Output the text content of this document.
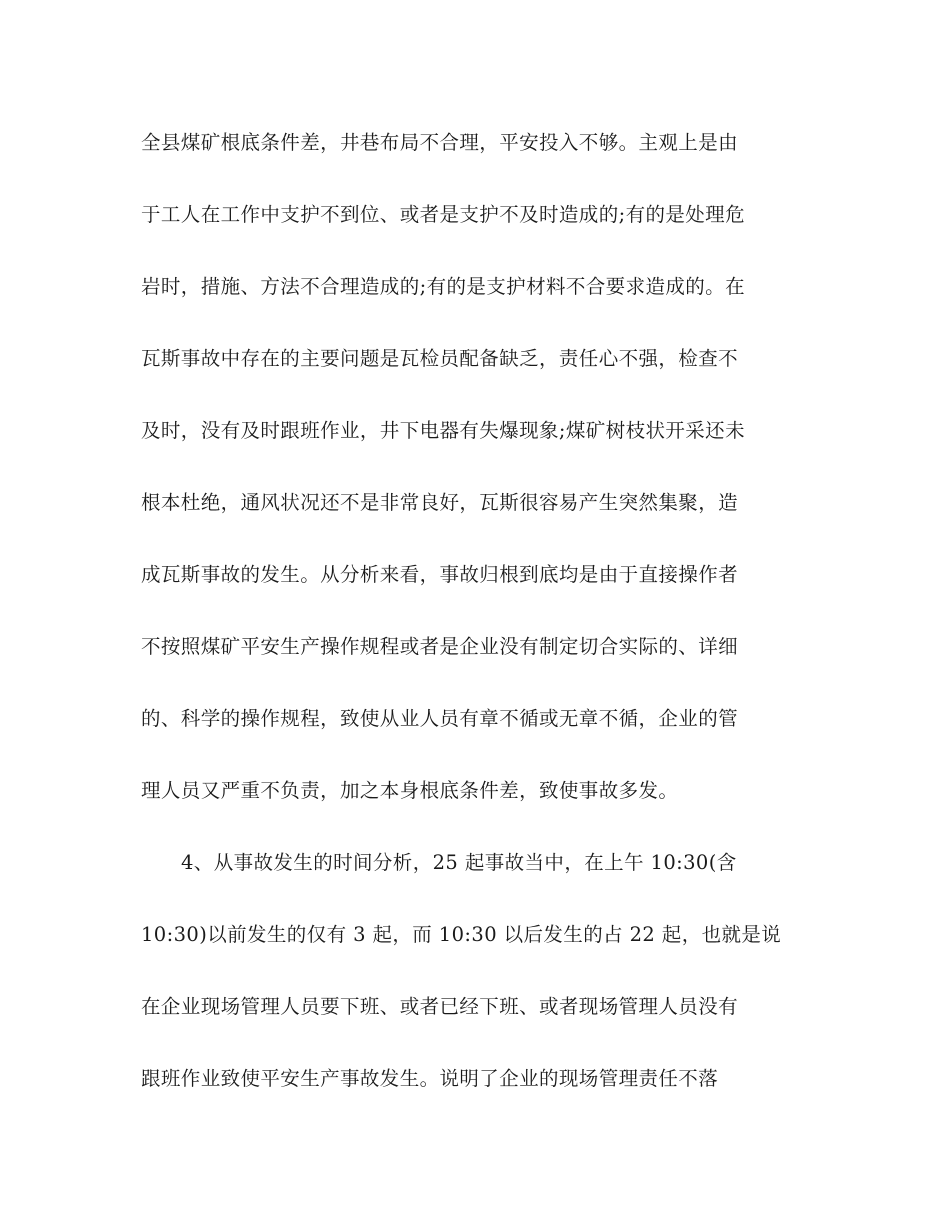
全县煤矿根底条件差，井巷布局不合理，平安投入不够。主观上是由
于工人在工作中支护不到位、或者是支护不及时造成的;有的是处理危
岩时，措施、方法不合理造成的;有的是支护材料不合要求造成的。在
瓦斯事故中存在的主要问题是瓦检员配备缺乏，责任心不强，检查不
及时，没有及时跟班作业，井下电器有失爆现象;煤矿树枝状开采还未
根本杜绝，通风状况还不是非常良好，瓦斯很容易产生突然集聚，造
成瓦斯事故的发生。从分析来看，事故归根到底均是由于直接操作者
不按照煤矿平安生产操作规程或者是企业没有制定切合实际的、详细
的、科学的操作规程，致使从业人员有章不循或无章不循，企业的管
理人员又严重不负责，加之本身根底条件差，致使事故多发。
4、从事故发生的时间分析，25 起事故当中，在上午 10:30(含
10:30)以前发生的仅有 3 起，而 10:30 以后发生的占 22 起，也就是说
在企业现场管理人员要下班、或者已经下班、或者现场管理人员没有
跟班作业致使平安生产事故发生。说明了企业的现场管理责任不落
